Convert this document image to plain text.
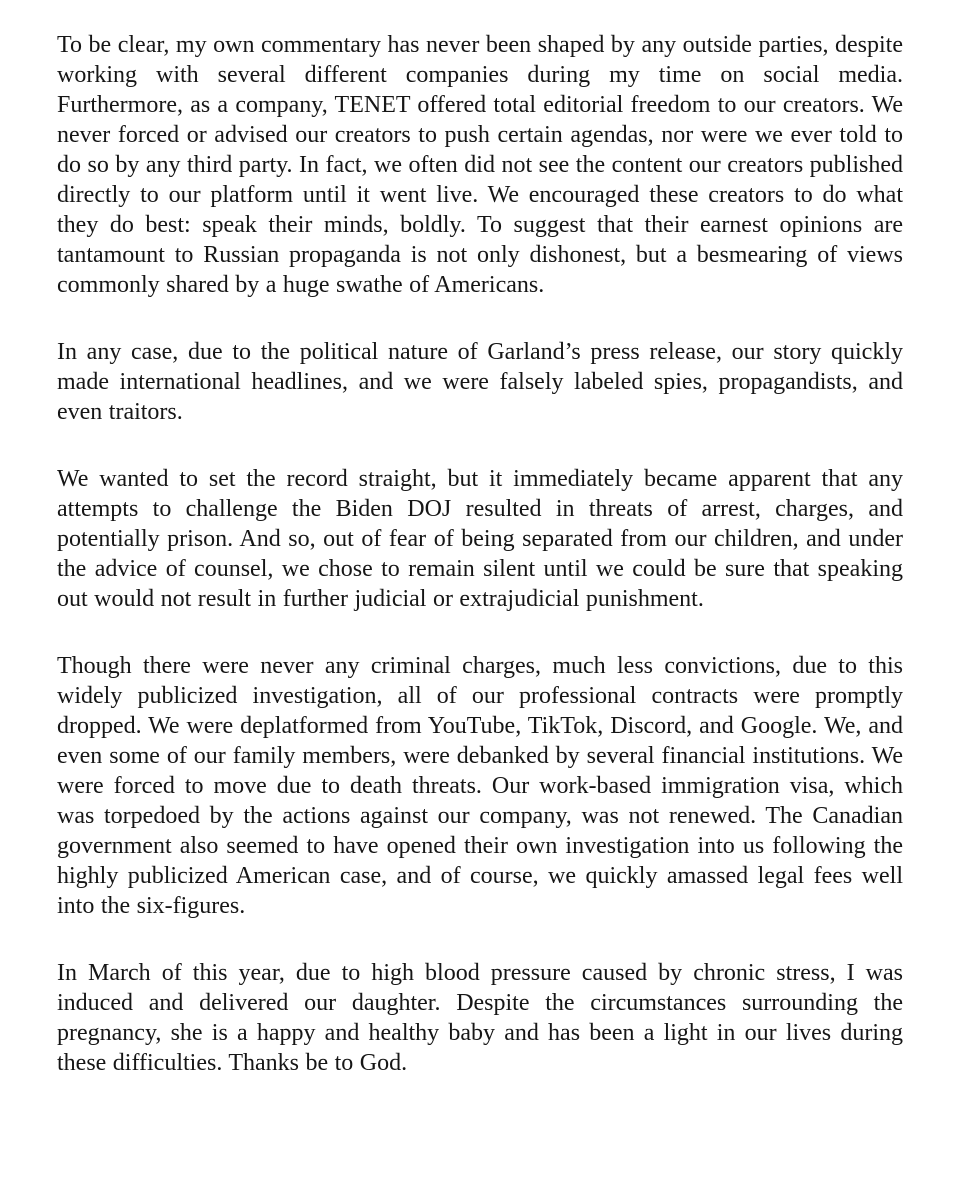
To be clear, my own commentary has never been shaped by any outside parties, despite working with several different companies during my time on social media. Furthermore, as a company, TENET offered total editorial freedom to our creators. We never forced or advised our creators to push certain agendas, nor were we ever told to do so by any third party. In fact, we often did not see the content our creators published directly to our platform until it went live. We encouraged these creators to do what they do best: speak their minds, boldly. To suggest that their earnest opinions are tantamount to Russian propaganda is not only dishonest, but a besmearing of views commonly shared by a huge swathe of Americans.

In any case, due to the political nature of Garland’s press release, our story quickly made international headlines, and we were falsely labeled spies, propagandists, and even traitors.

We wanted to set the record straight, but it immediately became apparent that any attempts to challenge the Biden DOJ resulted in threats of arrest, charges, and potentially prison. And so, out of fear of being separated from our children, and under the advice of counsel, we chose to remain silent until we could be sure that speaking out would not result in further judicial or extrajudicial punishment.

Though there were never any criminal charges, much less convictions, due to this widely publicized investigation, all of our professional contracts were promptly dropped. We were deplatformed from YouTube, TikTok, Discord, and Google. We, and even some of our family members, were debanked by several financial institutions. We were forced to move due to death threats. Our work-based immigration visa, which was torpedoed by the actions against our company, was not renewed. The Canadian government also seemed to have opened their own investigation into us following the highly publicized American case, and of course, we quickly amassed legal fees well into the six-figures.

In March of this year, due to high blood pressure caused by chronic stress, I was induced and delivered our daughter. Despite the circumstances surrounding the pregnancy, she is a happy and healthy baby and has been a light in our lives during these difficulties. Thanks be to God.
